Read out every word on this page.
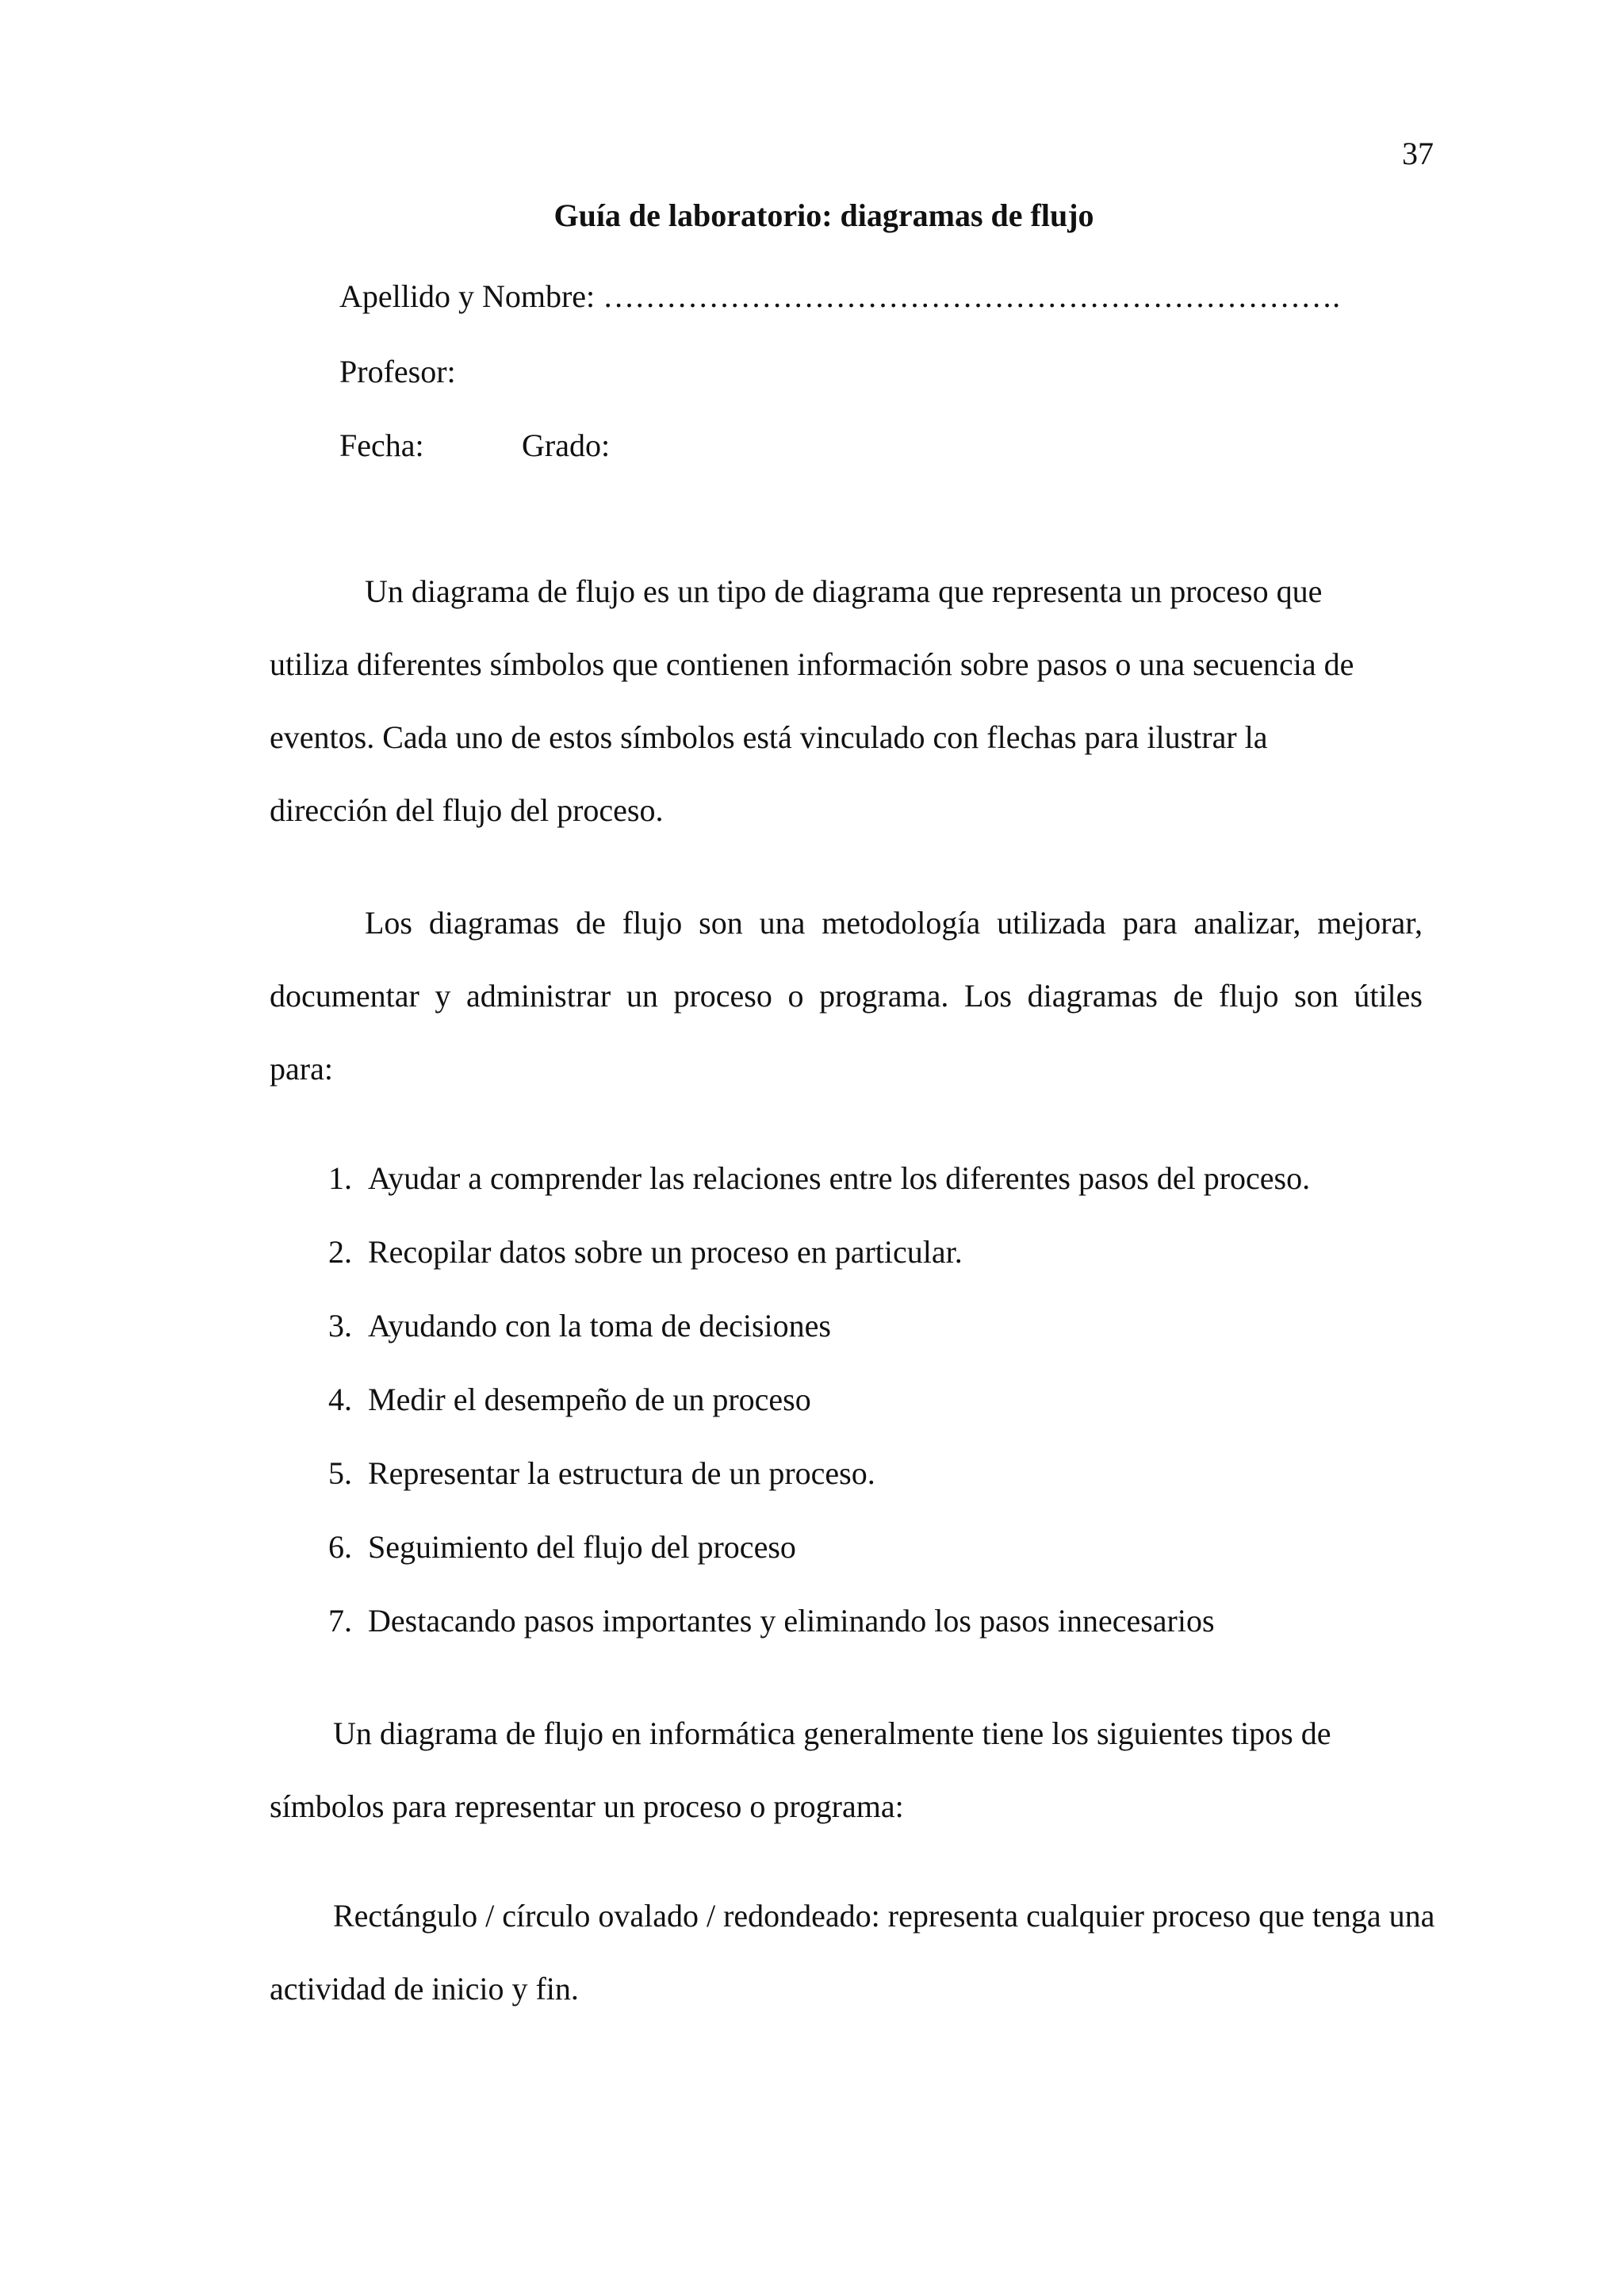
37
Guía de laboratorio: diagramas de flujo
Apellido y Nombre: …………………………………………………………….
Profesor:
Fecha:	Grado:
Un diagrama de flujo es un tipo de diagrama que representa un proceso que
utiliza diferentes símbolos que contienen información sobre pasos o una secuencia de
eventos. Cada uno de estos símbolos está vinculado con flechas para ilustrar la
dirección del flujo del proceso.
Los diagramas de flujo son una metodología utilizada para analizar, mejorar,
documentar y administrar un proceso o programa. Los diagramas de flujo son útiles
para:
1. Ayudar a comprender las relaciones entre los diferentes pasos del proceso.
2. Recopilar datos sobre un proceso en particular.
3. Ayudando con la toma de decisiones
4. Medir el desempeño de un proceso
5. Representar la estructura de un proceso.
6. Seguimiento del flujo del proceso
7. Destacando pasos importantes y eliminando los pasos innecesarios
Un diagrama de flujo en informática generalmente tiene los siguientes tipos de
símbolos para representar un proceso o programa:
Rectángulo / círculo ovalado / redondeado: representa cualquier proceso que tenga una
actividad de inicio y fin.
